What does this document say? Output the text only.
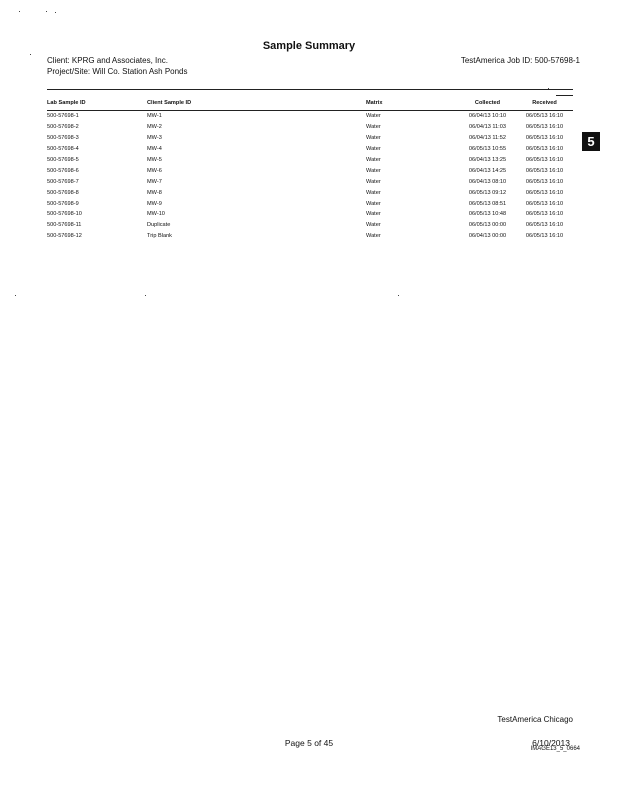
Sample Summary
Client: KPRG and Associates, Inc.
Project/Site: Will Co. Station Ash Ponds
TestAmerica Job ID: 500-57698-1
Lab Sample ID	Client Sample ID	Matrix	Collected	Received
500-57698-1	MW-1	Water	06/04/13 10:10	06/05/13 16:10
500-57698-2	MW-2	Water	06/04/13 11:03	06/05/13 16:10
500-57698-3	MW-3	Water	06/04/13 11:52	06/05/13 16:10
500-57698-4	MW-4	Water	06/05/13 10:55	06/05/13 16:10
500-57698-5	MW-5	Water	06/04/13 13:25	06/05/13 16:10
500-57698-6	MW-6	Water	06/04/13 14:25	06/05/13 16:10
500-57698-7	MW-7	Water	06/04/13 08:10	06/05/13 16:10
500-57698-8	MW-8	Water	06/05/13 09:12	06/05/13 16:10
500-57698-9	MW-9	Water	06/05/13 08:51	06/05/13 16:10
500-57698-10	MW-10	Water	06/05/13 10:48	06/05/13 16:10
500-57698-11	Duplicate	Water	06/05/13 00:00	06/05/13 16:10
500-57698-12	Trip Blank	Water	06/04/13 00:00	06/05/13 16:10
5
TestAmerica Chicago
Page 5 of 45	6/10/2013
IMAGE13_5_0664
